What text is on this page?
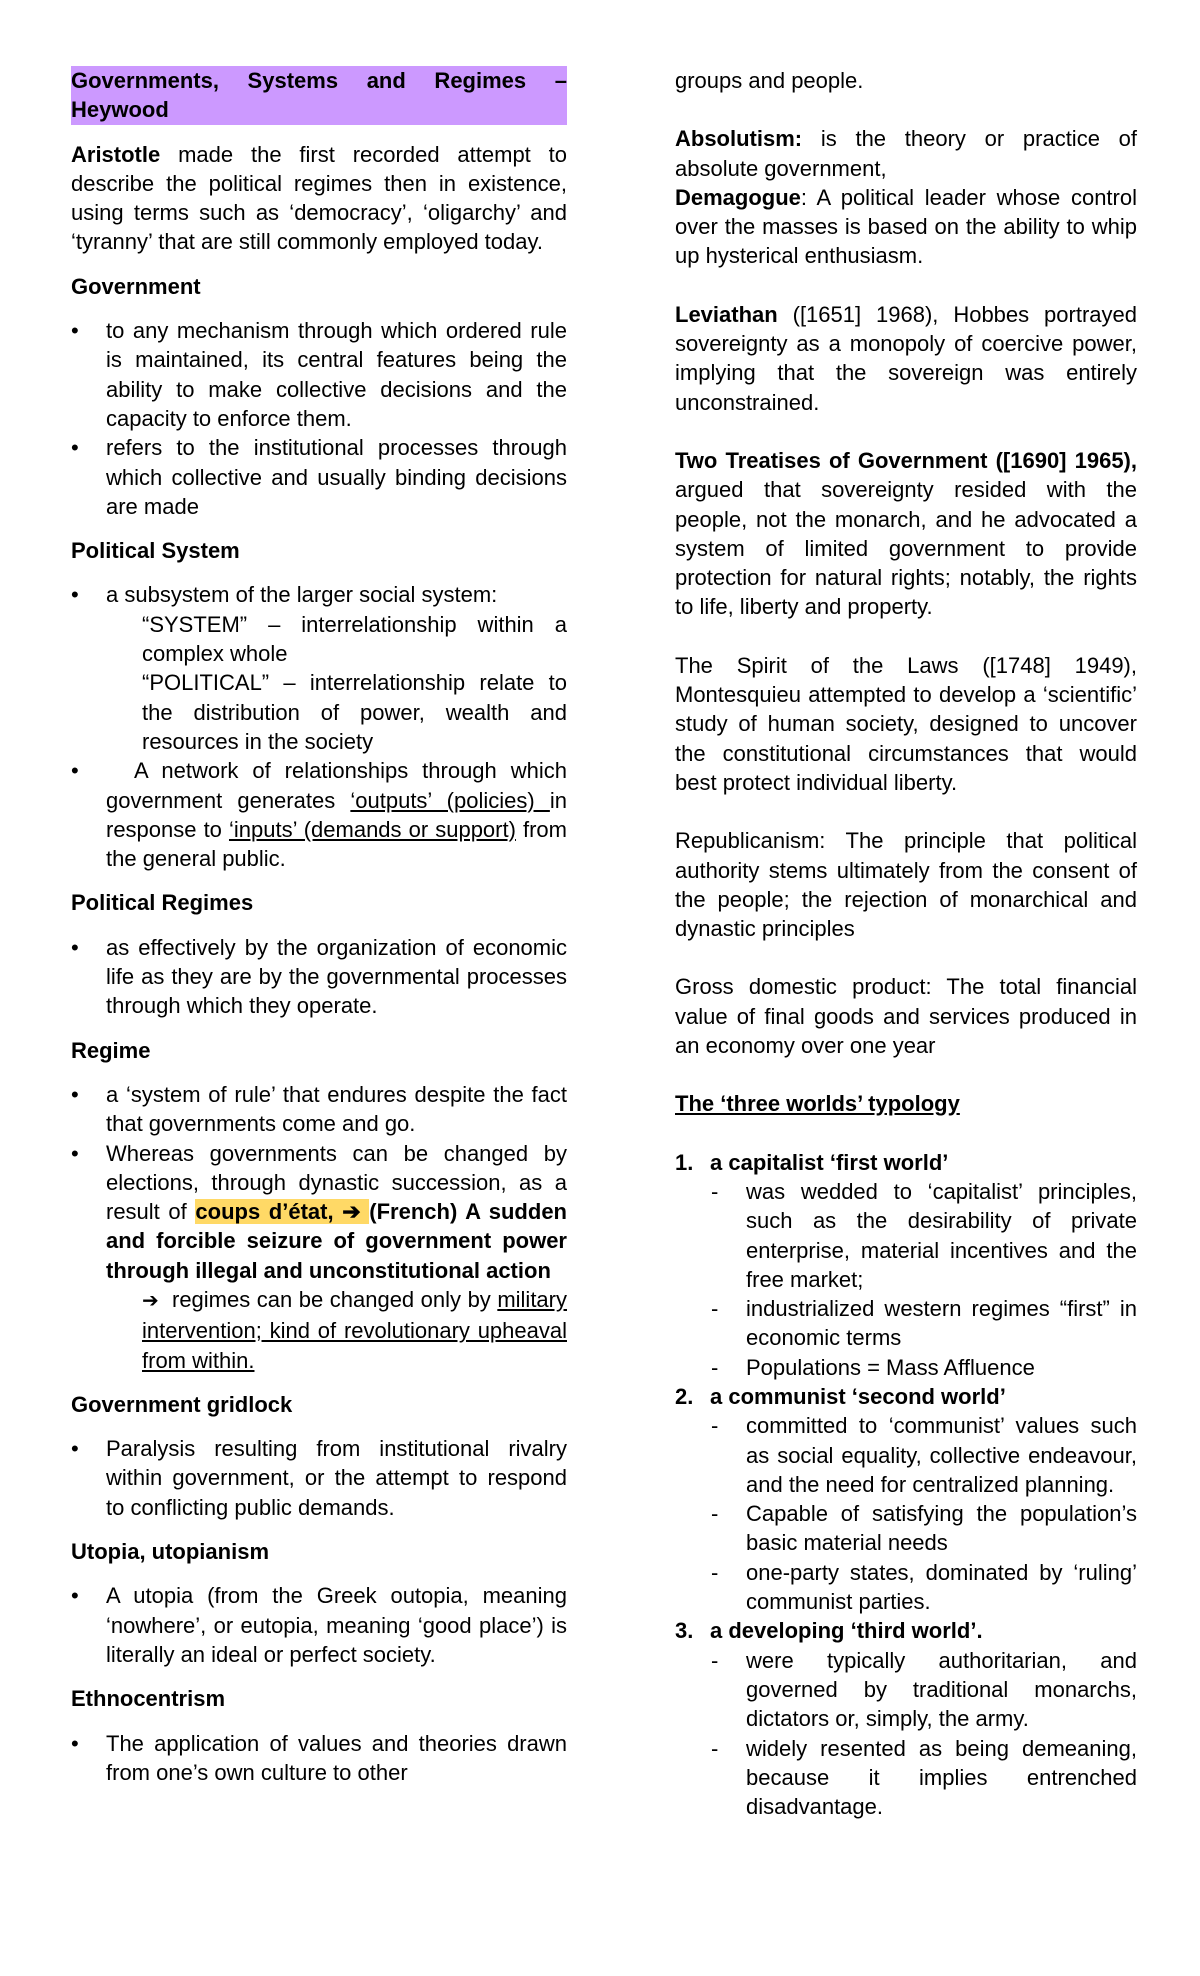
Governments, Systems and Regimes –
Heywood

Aristotle made the first recorded attempt to describe the political regimes then in existence, using terms such as ‘democracy’, ‘oligarchy’ and ‘tyranny’ that are still commonly employed today.

Government

• to any mechanism through which ordered rule is maintained, its central features being the ability to make collective decisions and the capacity to enforce them.
• refers to the institutional processes through which collective and usually binding decisions are made

Political System

• a subsystem of the larger social system:
“SYSTEM” – interrelationship within a complex whole
“POLITICAL” – interrelationship relate to the distribution of power, wealth and resources in the society
• A network of relationships through which government generates ‘outputs’ (policies) in response to ‘inputs’ (demands or support) from the general public.

Political Regimes

• as effectively by the organization of economic life as they are by the governmental processes through which they operate.

Regime

• a ‘system of rule’ that endures despite the fact that governments come and go.
• Whereas governments can be changed by elections, through dynastic succession, as a result of coups d’état, ➔ (French) A sudden and forcible seizure of government power through illegal and unconstitutional action
➔ regimes can be changed only by military intervention; kind of revolutionary upheaval from within.

Government gridlock

• Paralysis resulting from institutional rivalry within government, or the attempt to respond to conflicting public demands.

Utopia, utopianism

• A utopia (from the Greek outopia, meaning ‘nowhere’, or eutopia, meaning ‘good place’) is literally an ideal or perfect society.

Ethnocentrism

• The application of values and theories drawn from one’s own culture to other

groups and people.

Absolutism: is the theory or practice of absolute government,

Demagogue: A political leader whose control over the masses is based on the ability to whip up hysterical enthusiasm.

Leviathan ([1651] 1968), Hobbes portrayed sovereignty as a monopoly of coercive power, implying that the sovereign was entirely unconstrained.

Two Treatises of Government ([1690] 1965), argued that sovereignty resided with the people, not the monarch, and he advocated a system of limited government to provide protection for natural rights; notably, the rights to life, liberty and property.

The Spirit of the Laws ([1748] 1949), Montesquieu attempted to develop a ‘scientific’ study of human society, designed to uncover the constitutional circumstances that would best protect individual liberty.

Republicanism: The principle that political authority stems ultimately from the consent of the people; the rejection of monarchical and dynastic principles

Gross domestic product: The total financial value of final goods and services produced in an economy over one year

The ‘three worlds’ typology

1. a capitalist ‘first world’
- was wedded to ‘capitalist’ principles, such as the desirability of private enterprise, material incentives and the free market;
- industrialized western regimes “first” in economic terms
- Populations = Mass Affluence
2. a communist ‘second world’
- committed to ‘communist’ values such as social equality, collective endeavour, and the need for centralized planning.
- Capable of satisfying the population’s basic material needs
- one-party states, dominated by ‘ruling’ communist parties.
3. a developing ‘third world’.
- were typically authoritarian, and governed by traditional monarchs, dictators or, simply, the army.
- widely resented as being demeaning, because it implies entrenched disadvantage.
